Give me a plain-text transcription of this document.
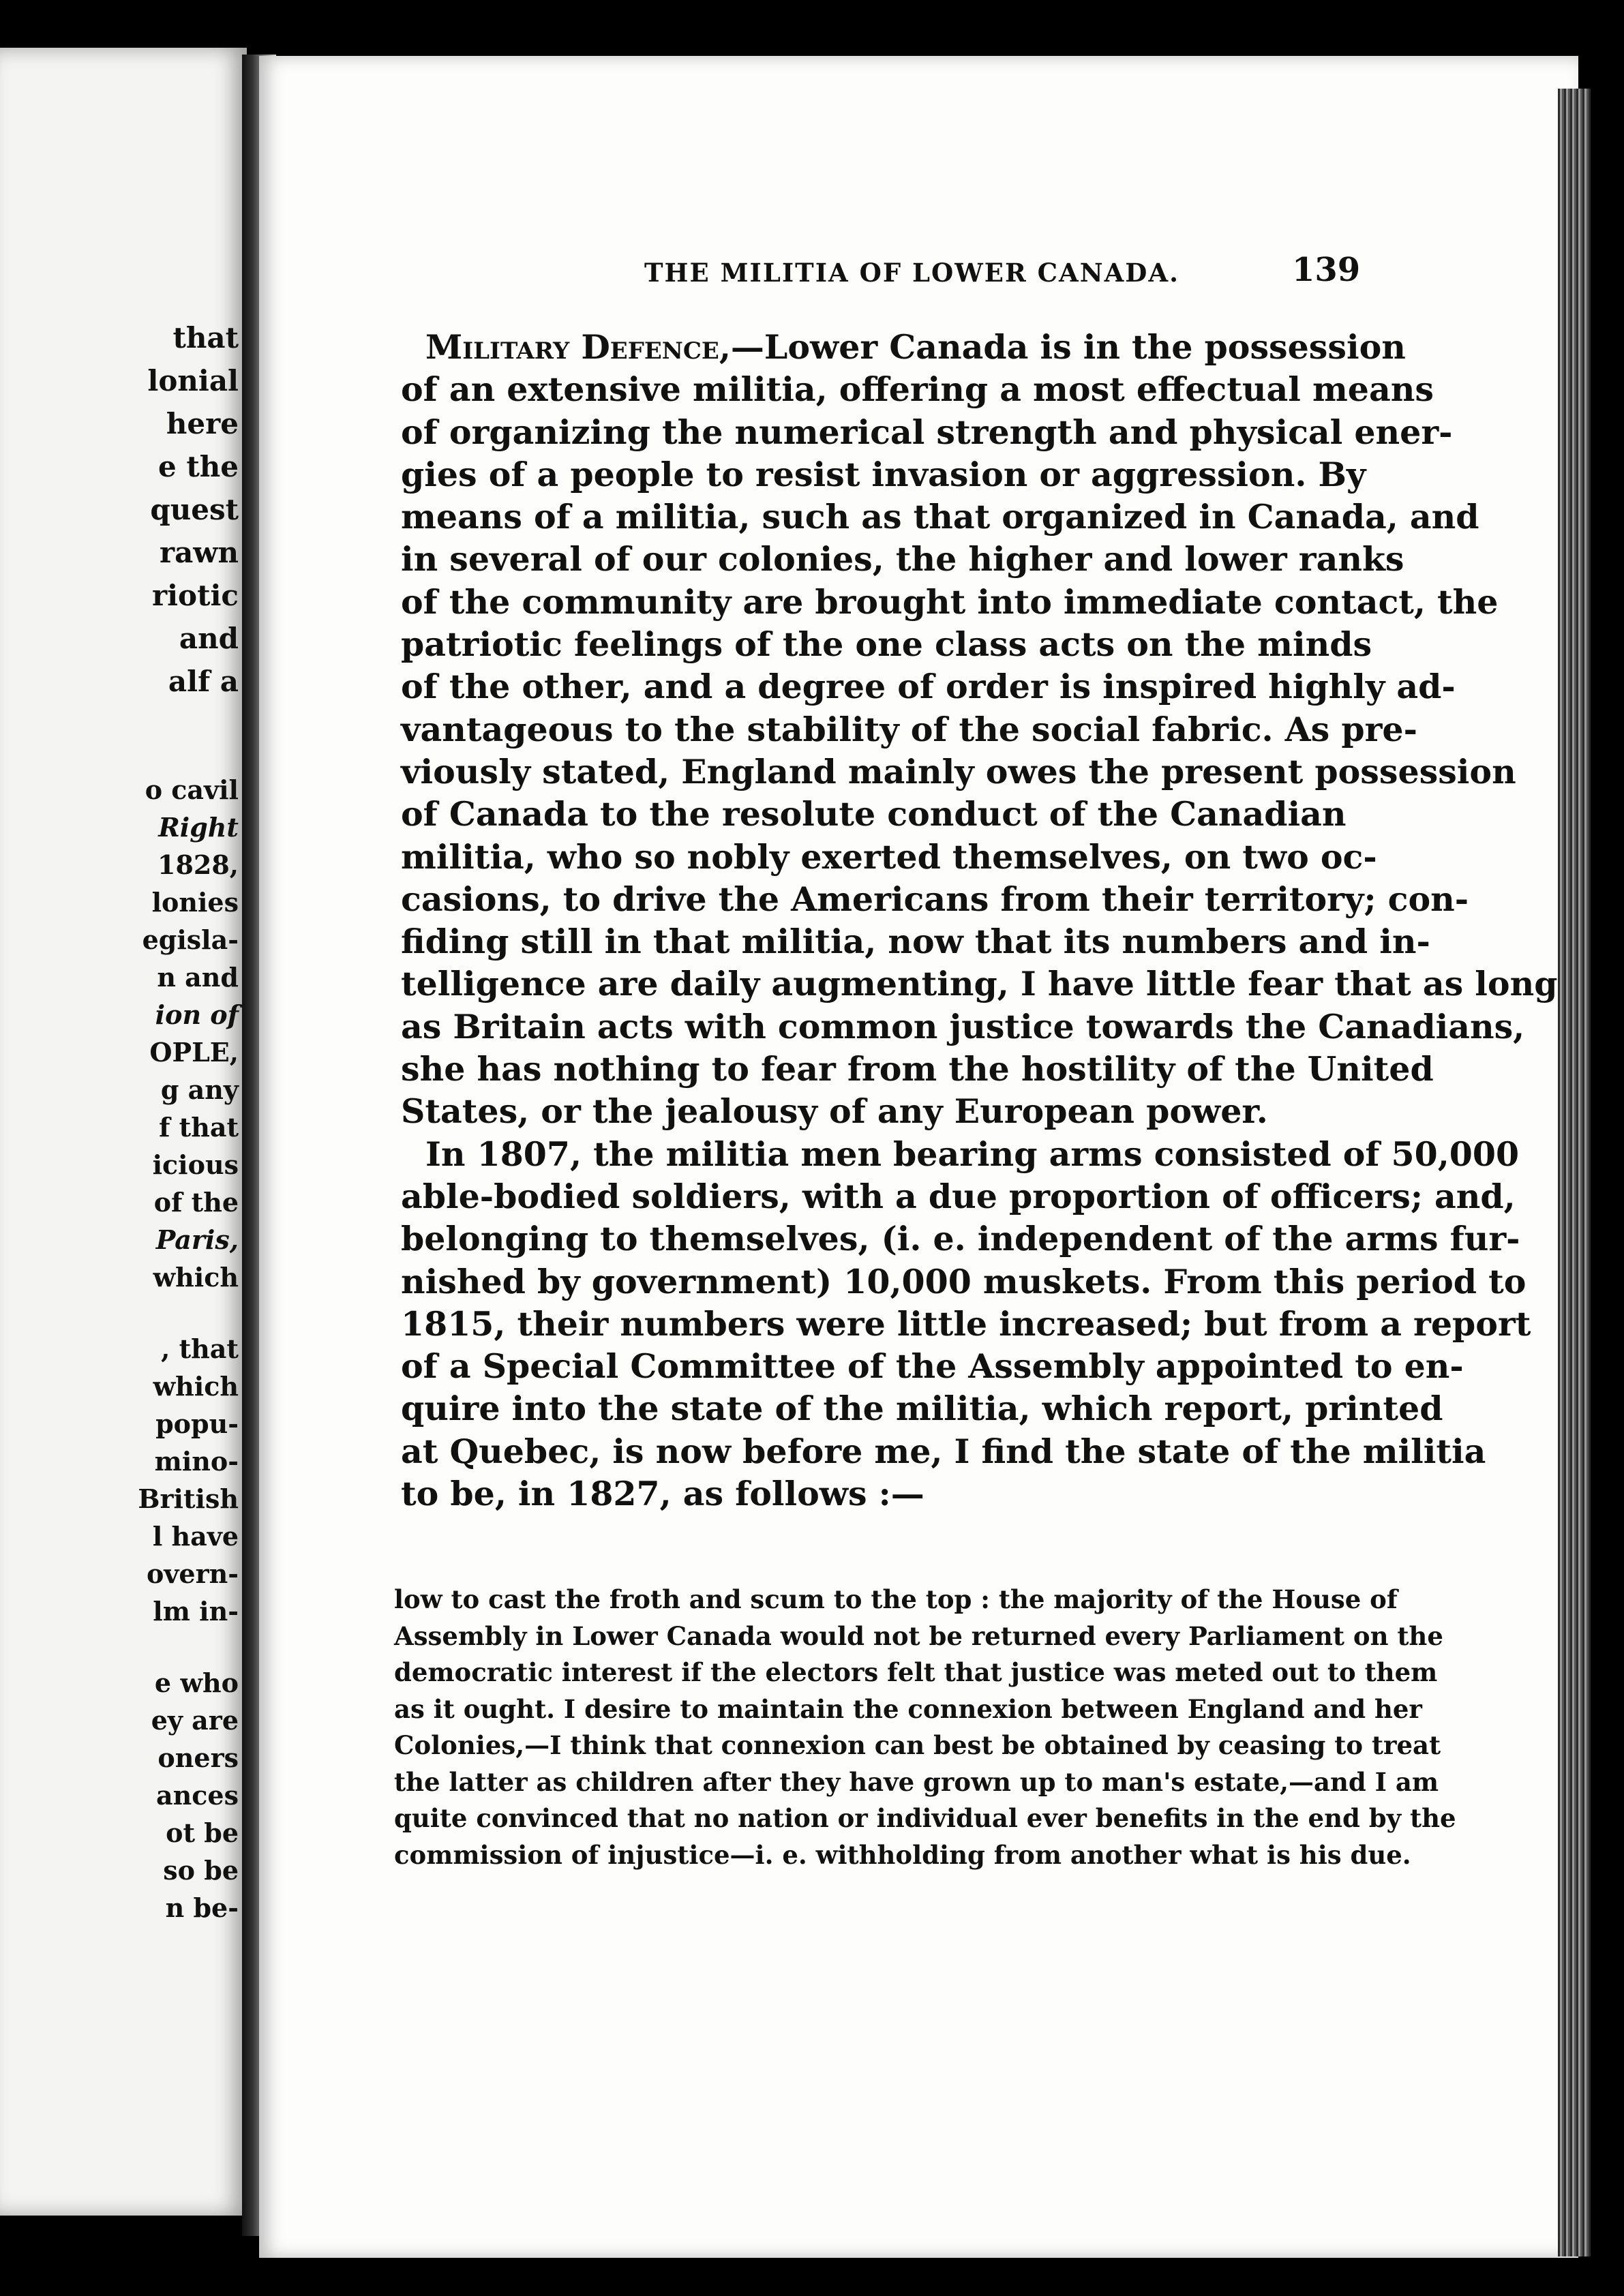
that
lonial
here
e the
quest
rawn
riotic
and
alf a
o cavil
Right
1828,
lonies
egisla-
n and
ion of
OPLE,
g any
f that
icious
of the
Paris,
which
, that
which
popu-
mino-
British
l have
overn-
lm in-
e who
ey are
oners
ances
ot be
so be
n be-
THE MILITIA OF LOWER CANADA.	139
Military Defence,—Lower Canada is in the possession
of an extensive militia, offering a most effectual means
of organizing the numerical strength and physical ener-
gies of a people to resist invasion or aggression. By
means of a militia, such as that organized in Canada, and
in several of our colonies, the higher and lower ranks
of the community are brought into immediate contact, the
patriotic feelings of the one class acts on the minds
of the other, and a degree of order is inspired highly ad-
vantageous to the stability of the social fabric. As pre-
viously stated, England mainly owes the present possession
of Canada to the resolute conduct of the Canadian
militia, who so nobly exerted themselves, on two oc-
casions, to drive the Americans from their territory; con-
fiding still in that militia, now that its numbers and in-
telligence are daily augmenting, I have little fear that as long
as Britain acts with common justice towards the Canadians,
she has nothing to fear from the hostility of the United
States, or the jealousy of any European power.
In 1807, the militia men bearing arms consisted of 50,000
able-bodied soldiers, with a due proportion of officers; and,
belonging to themselves, (i. e. independent of the arms fur-
nished by government) 10,000 muskets. From this period to
1815, their numbers were little increased; but from a report
of a Special Committee of the Assembly appointed to en-
quire into the state of the militia, which report, printed
at Quebec, is now before me, I find the state of the militia
to be, in 1827, as follows :—
low to cast the froth and scum to the top : the majority of the House of
Assembly in Lower Canada would not be returned every Parliament on the
democratic interest if the electors felt that justice was meted out to them
as it ought. I desire to maintain the connexion between England and her
Colonies,—I think that connexion can best be obtained by ceasing to treat
the latter as children after they have grown up to man's estate,—and I am
quite convinced that no nation or individual ever benefits in the end by the
commission of injustice—i. e. withholding from another what is his due.
